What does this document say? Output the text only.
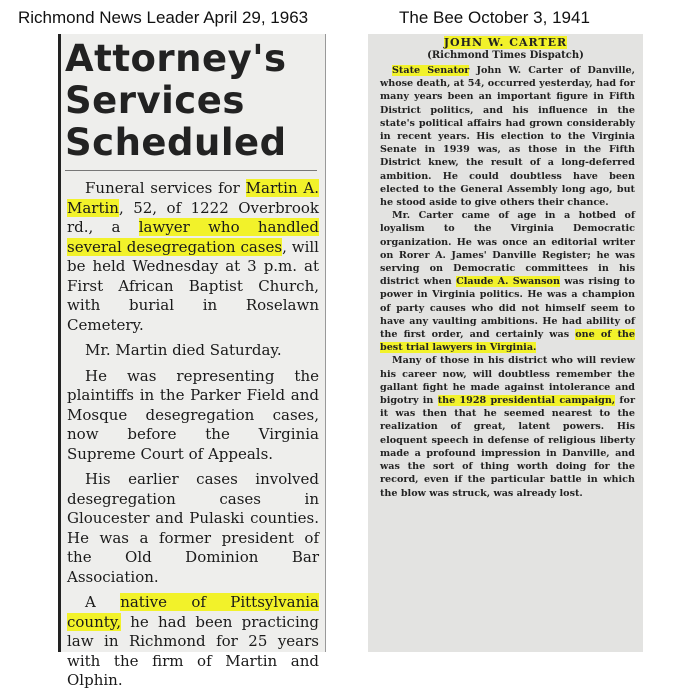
Richmond News Leader April 29, 1963	The Bee October 3, 1941
Attorney's
Services
Scheduled

Funeral services for Martin A. Martin, 52, of 1222 Overbrook rd., a lawyer who handled several desegregation cases, will be held Wednesday at 3 p.m. at First African Baptist Church, with burial in Roselawn Cemetery.

Mr. Martin died Saturday.

He was representing the plaintiffs in the Parker Field and Mosque desegregation cases, now before the Virginia Supreme Court of Appeals.

His earlier cases involved desegregation cases in Gloucester and Pulaski counties. He was a former president of the Old Dominion Bar Association.

A native of Pittsylvania county, he had been practicing law in Richmond for 25 years with the firm of Martin and Olphin.

JOHN W. CARTER
(Richmond Times Dispatch)

State Senator John W. Carter of Danville, whose death, at 54, occurred yesterday, had for many years been an important figure in Fifth District politics, and his influence in the state's political affairs had grown considerably in recent years. His election to the Virginia Senate in 1939 was, as those in the Fifth District knew, the result of a long-deferred ambition. He could doubtless have been elected to the General Assembly long ago, but he stood aside to give others their chance.

Mr. Carter came of age in a hotbed of loyalism to the Virginia Democratic organization. He was once an editorial writer on Rorer A. James' Danville Register; he was serving on Democratic committees in his district when Claude A. Swanson was rising to power in Virginia politics. He was a champion of party causes who did not himself seem to have any vaulting ambitions. He had ability of the first order, and certainly was one of the best trial lawyers in Virginia.

Many of those in his district who will review his career now, will doubtless remember the gallant fight he made against intolerance and bigotry in the 1928 presidential campaign, for it was then that he seemed nearest to the realization of great, latent powers. His eloquent speech in defense of religious liberty made a profound impression in Danville, and was the sort of thing worth doing for the record, even if the particular battle in which the blow was struck, was already lost.
